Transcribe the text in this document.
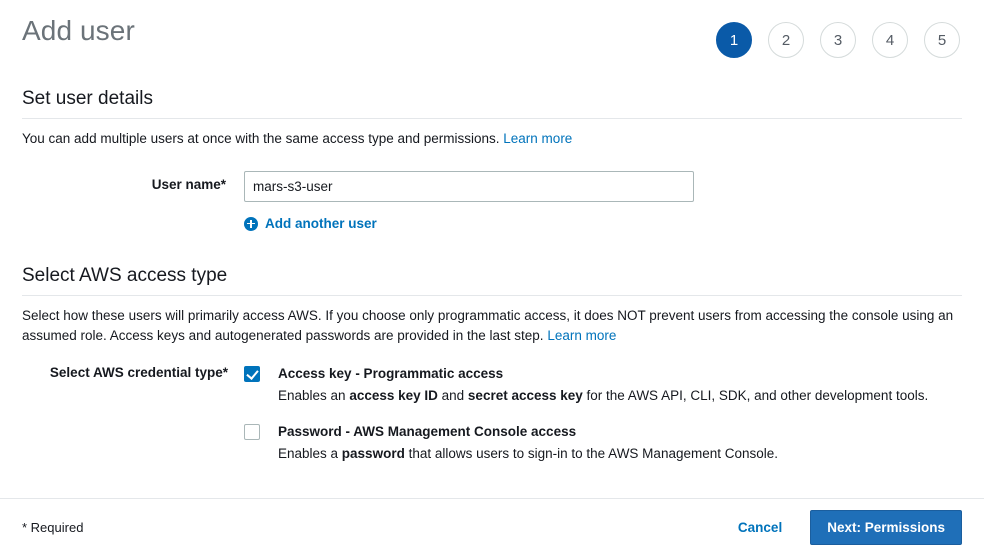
Add user	1	2	3	4	5
Set user details

You can add multiple users at once with the same access type and permissions. Learn more

User name*
mars-s3-user
Add another user
Select AWS access type

Select how these users will primarily access AWS. If you choose only programmatic access, it does NOT prevent users from accessing the console using an assumed role. Access keys and autogenerated passwords are provided in the last step. Learn more

Select AWS credential type*	Access key - Programmatic access
Enables an access key ID and secret access key for the AWS API, CLI, SDK, and other development tools.
Password - AWS Management Console access
Enables a password that allows users to sign-in to the AWS Management Console.
* Required	Cancel	Next: Permissions
